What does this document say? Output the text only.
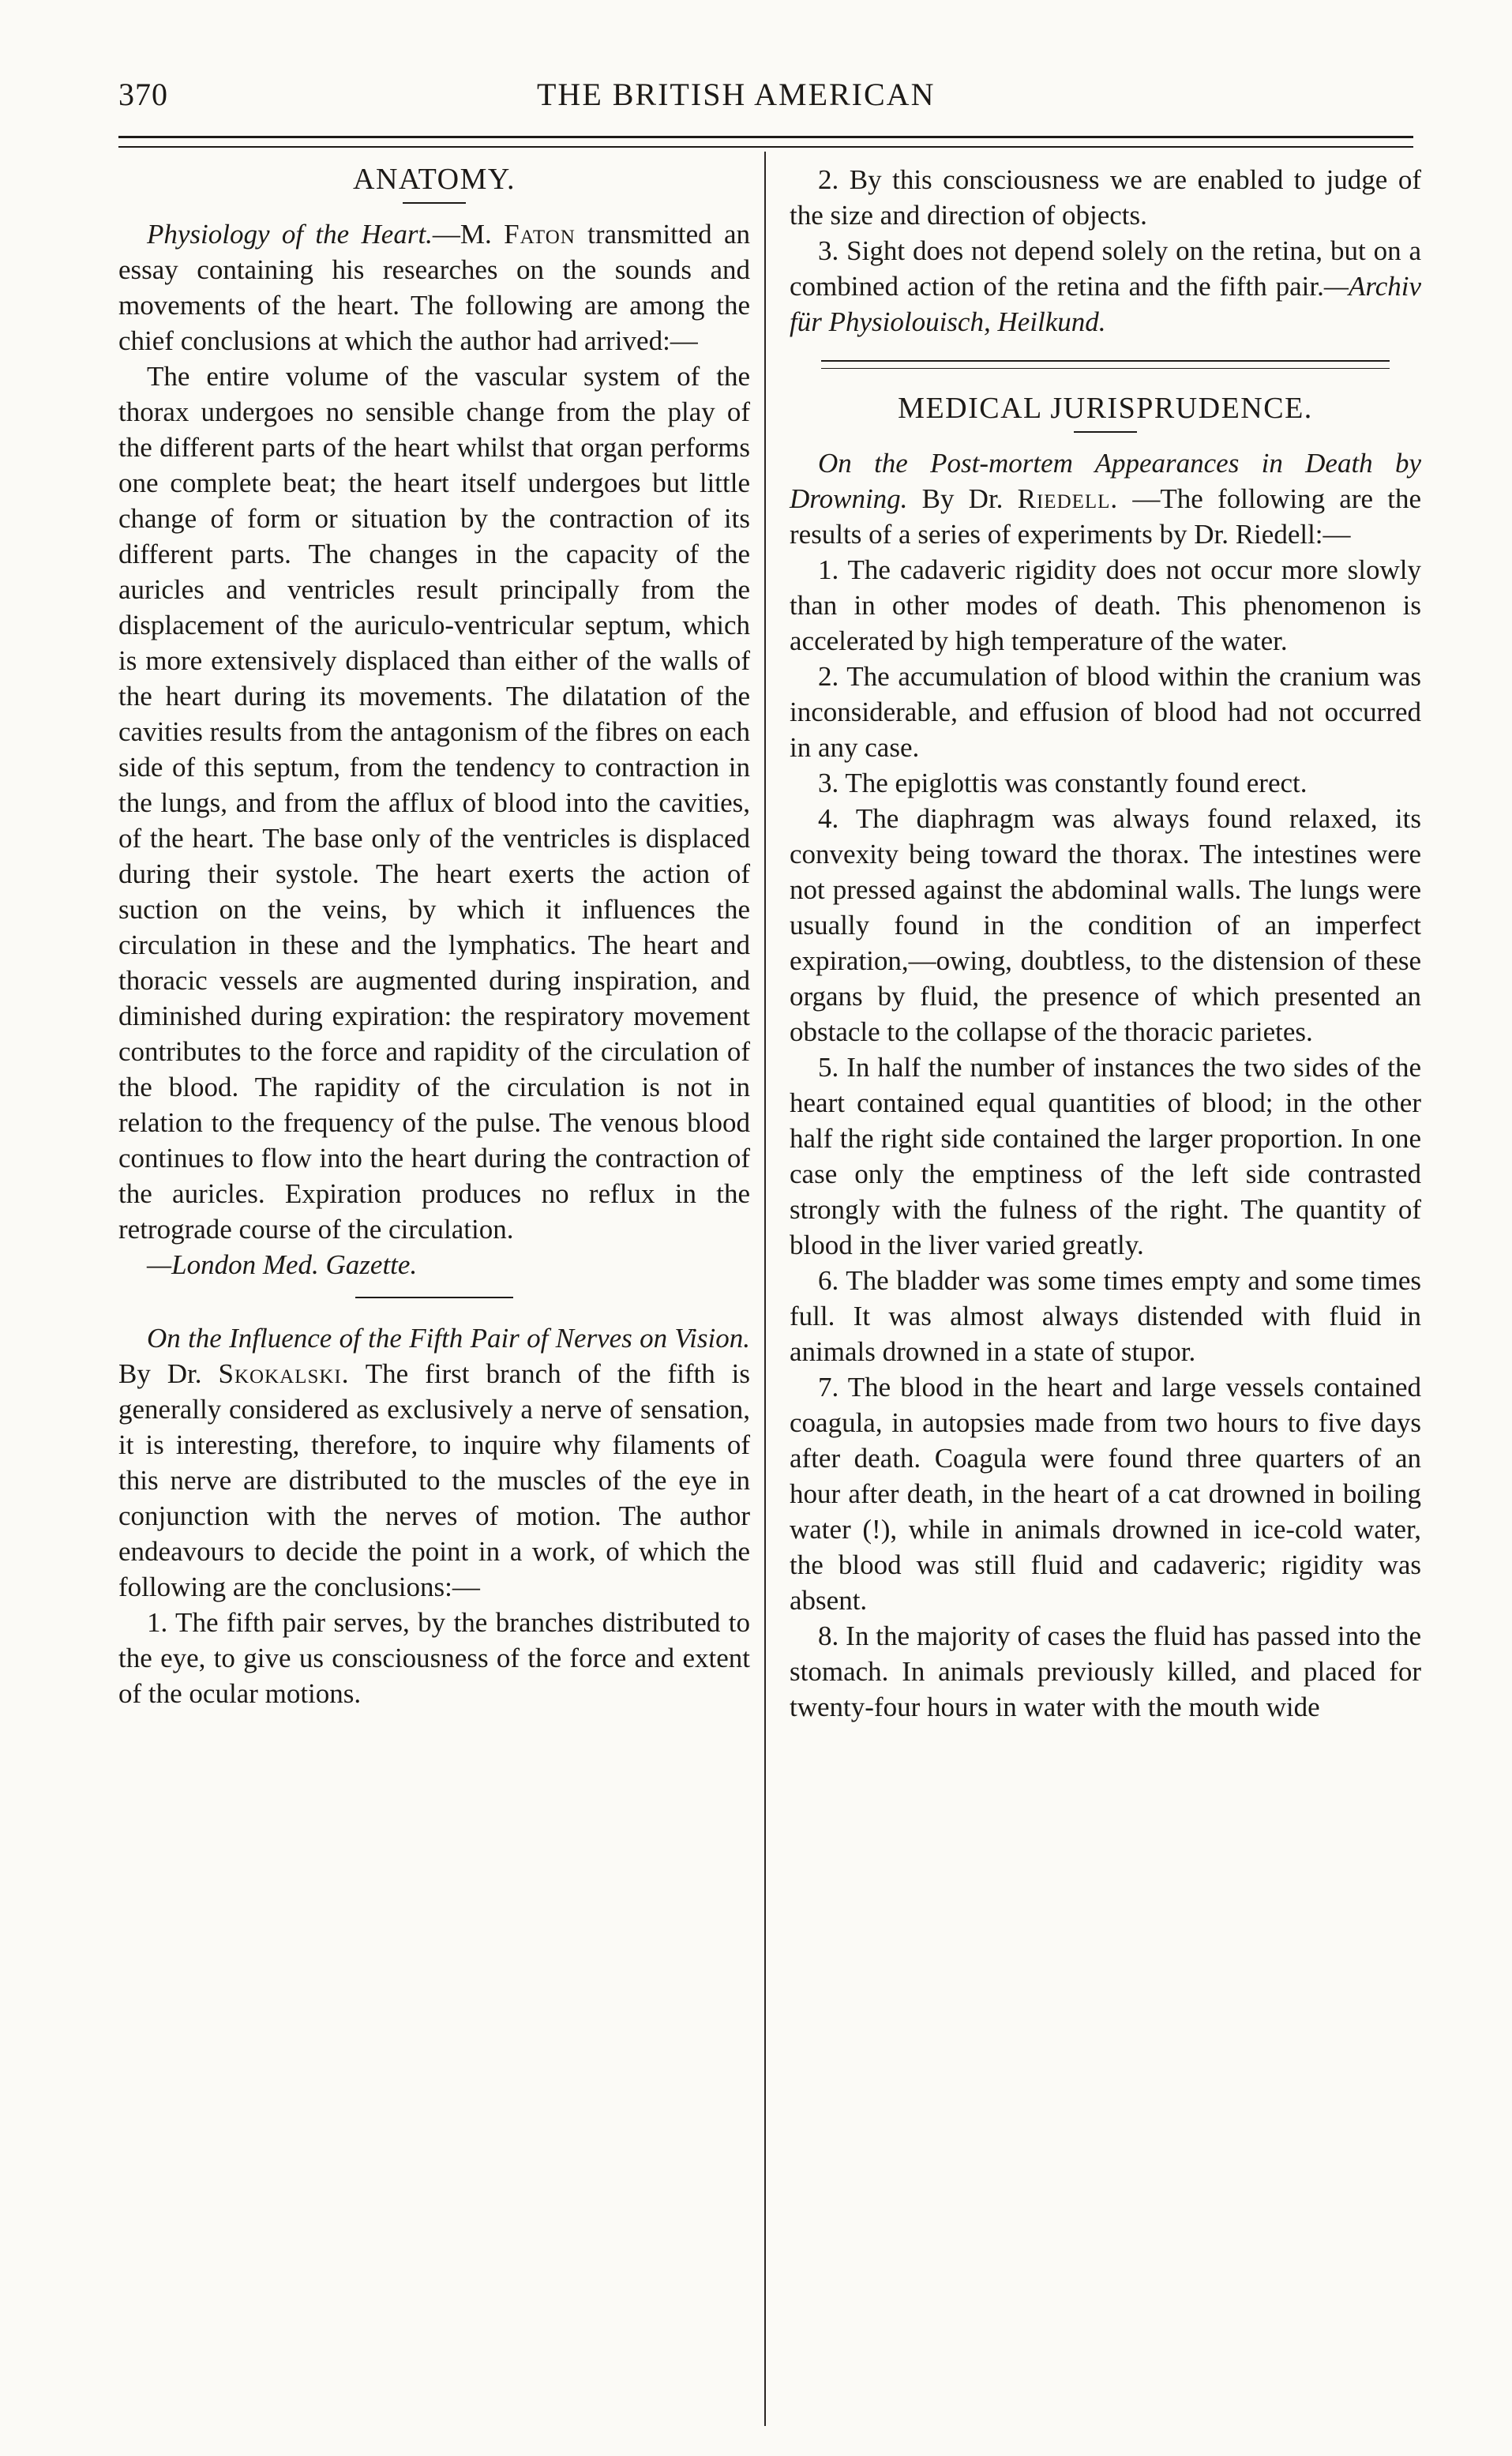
370	THE BRITISH AMERICAN
ANATOMY.

Physiology of the Heart.—M. Faton transmitted an essay containing his researches on the sounds and movements of the heart. The following are among the chief conclusions at which the author had arrived:—

The entire volume of the vascular system of the thorax undergoes no sensible change from the play of the different parts of the heart whilst that organ performs one complete beat; the heart itself undergoes but little change of form or situation by the contraction of its different parts. The changes in the capacity of the auricles and ventricles result principally from the displacement of the auriculo-ventricular septum, which is more extensively displaced than either of the walls of the heart during its movements. The dilatation of the cavities results from the antagonism of the fibres on each side of this septum, from the tendency to contraction in the lungs, and from the afflux of blood into the cavities, of the heart. The base only of the ventricles is displaced during their systole. The heart exerts the action of suction on the veins, by which it influences the circulation in these and the lymphatics. The heart and thoracic vessels are augmented during inspiration, and diminished during expiration: the respiratory movement contributes to the force and rapidity of the circulation of the blood. The rapidity of the circulation is not in relation to the frequency of the pulse. The venous blood continues to flow into the heart during the contraction of the auricles. Expiration produces no reflux in the retrograde course of the circulation.

—London Med. Gazette.

On the Influence of the Fifth Pair of Nerves on Vision. By Dr. Skokalski. The first branch of the fifth is generally considered as exclusively a nerve of sensation, it is interesting, therefore, to inquire why filaments of this nerve are distributed to the muscles of the eye in conjunction with the nerves of motion. The author endeavours to decide the point in a work, of which the following are the conclusions:—

1. The fifth pair serves, by the branches distributed to the eye, to give us consciousness of the force and extent of the ocular motions.

2. By this consciousness we are enabled to judge of the size and direction of objects.

3. Sight does not depend solely on the retina, but on a combined action of the retina and the fifth pair.—Archiv für Physiolouisch, Heilkund.

MEDICAL JURISPRUDENCE.

On the Post-mortem Appearances in Death by Drowning. By Dr. Riedell. —The following are the results of a series of experiments by Dr. Riedell:—

1. The cadaveric rigidity does not occur more slowly than in other modes of death. This phenomenon is accelerated by high temperature of the water.

2. The accumulation of blood within the cranium was inconsiderable, and effusion of blood had not occurred in any case.

3. The epiglottis was constantly found erect.

4. The diaphragm was always found relaxed, its convexity being toward the thorax. The intestines were not pressed against the abdominal walls. The lungs were usually found in the condition of an imperfect expiration,—owing, doubtless, to the distension of these organs by fluid, the presence of which presented an obstacle to the collapse of the thoracic parietes.

5. In half the number of instances the two sides of the heart contained equal quantities of blood; in the other half the right side contained the larger proportion. In one case only the emptiness of the left side contrasted strongly with the fulness of the right. The quantity of blood in the liver varied greatly.

6. The bladder was some times empty and some times full. It was almost always distended with fluid in animals drowned in a state of stupor.

7. The blood in the heart and large vessels contained coagula, in autopsies made from two hours to five days after death. Coagula were found three quarters of an hour after death, in the heart of a cat drowned in boiling water (!), while in animals drowned in ice-cold water, the blood was still fluid and cadaveric; rigidity was absent.

8. In the majority of cases the fluid has passed into the stomach. In animals previously killed, and placed for twenty-four hours in water with the mouth wide
